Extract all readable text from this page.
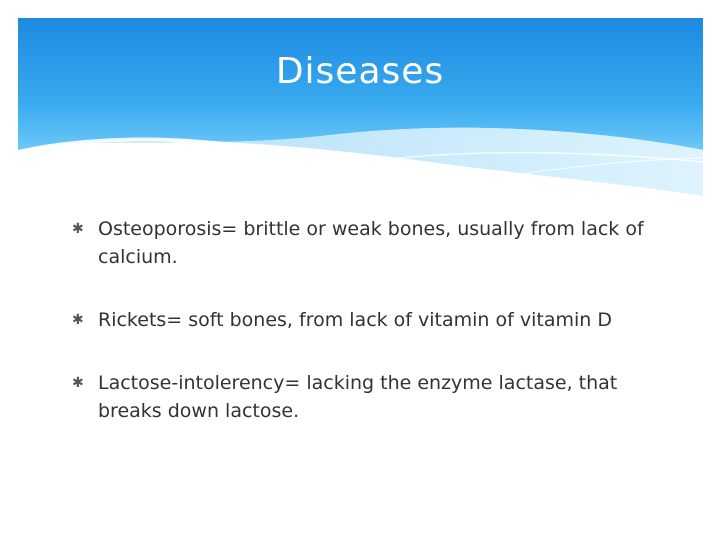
Diseases
✱ Osteoporosis= brittle or weak bones, usually from lack of calcium.
✱ Rickets= soft bones, from lack of vitamin of vitamin D
✱ Lactose-intolerency= lacking the enzyme lactase, that breaks down lactose.
